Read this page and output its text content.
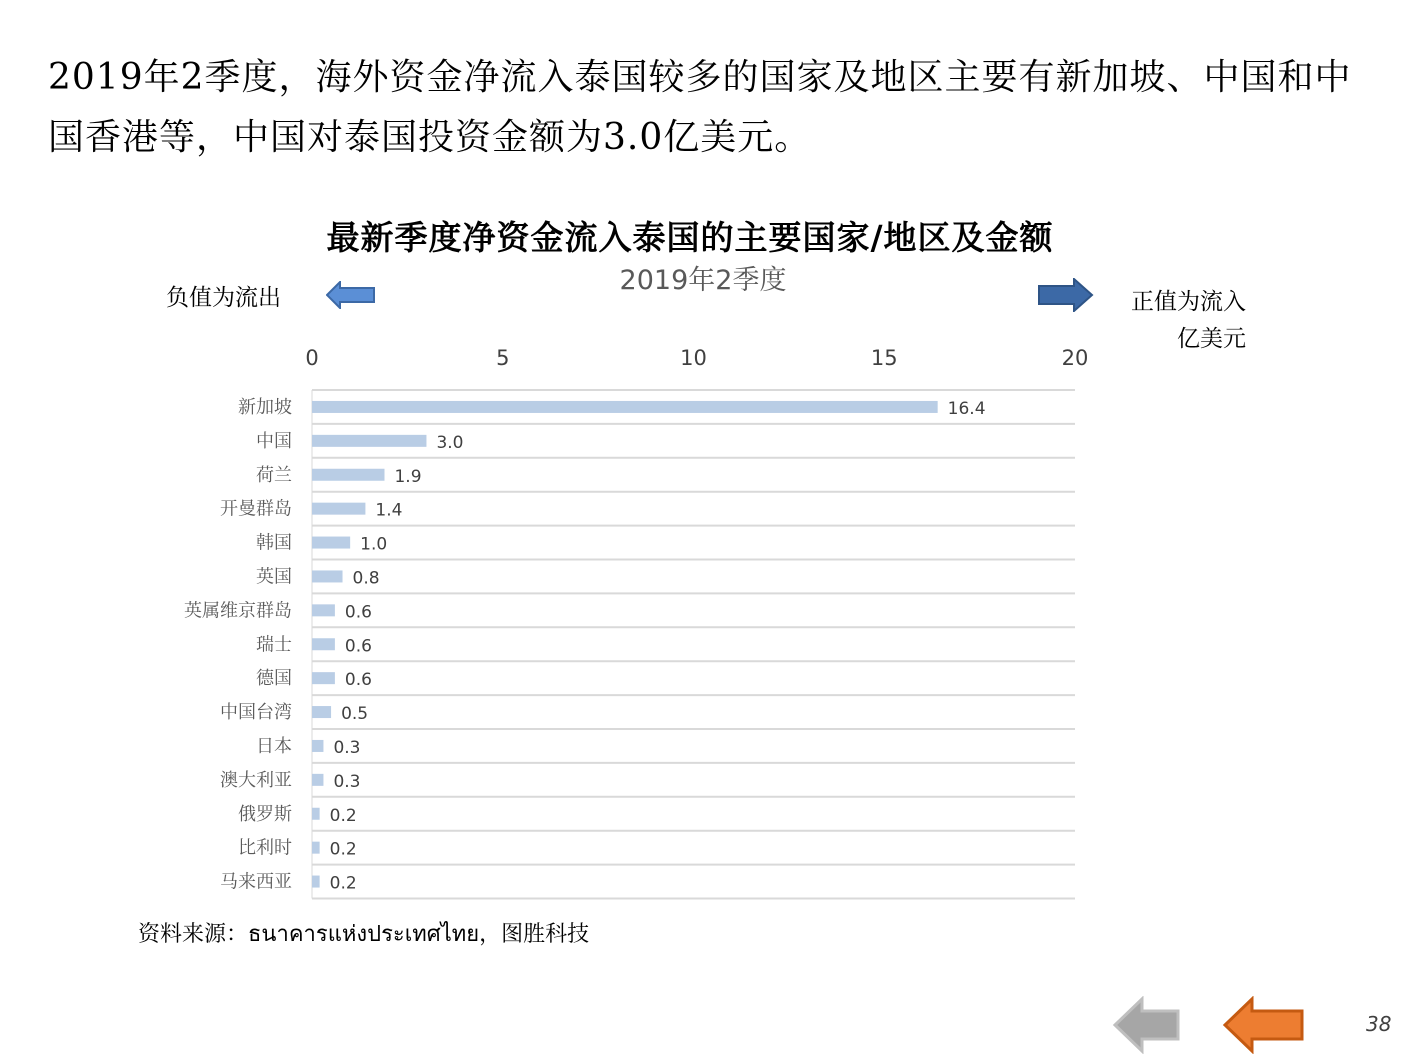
2019年2季度，海外资金净流入泰国较多的国家及地区主要有新加坡、中国和中国香港等，中国对泰国投资金额为3.0亿美元。

最新季度净资金流入泰国的主要国家/地区及金额
2019年2季度
负值为流出	正值为流入
亿美元
0	5	10	15	20
新加坡	16.4
中国	3.0
荷兰	1.9
开曼群岛	1.4
韩国	1.0
英国	0.8
英属维京群岛	0.6
瑞士	0.6
德国	0.6
中国台湾	0.5
日本 0.3
澳大利亚 0.3
俄罗斯 0.2
比利时 0.2
马来西亚 0.2
资料来源：ธนาคารแห่งประเทศไทย，图胜科技
38
